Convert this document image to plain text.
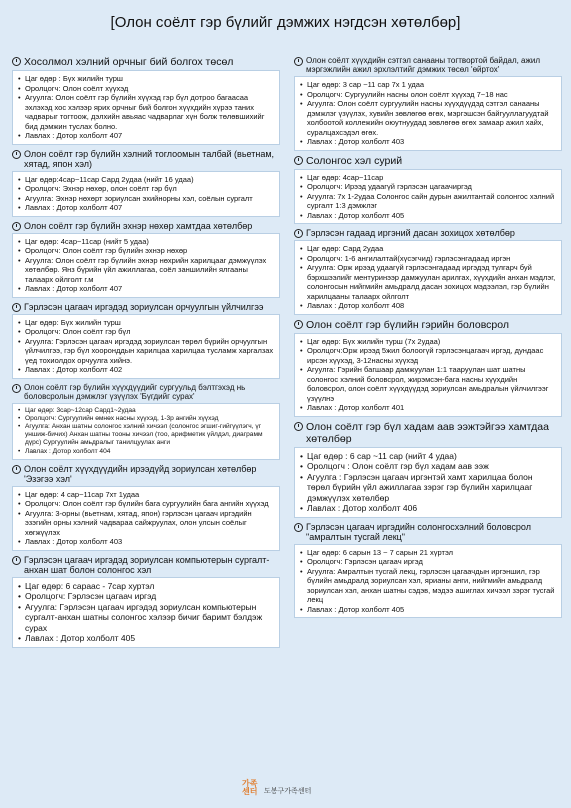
[Олон соёлт гэр бүлийг дэмжих нэгдсэн хөтөлбөр]
Хосолмол хэлний орчныг бий болгох төсөл
• Цаг өдөр : Бүх жилийн турш
• Оролцогч: Олон соёлт хүүхэд
• Агуулга: Олон соёлт гэр бүлийн хүүхэд гэр бүл дотроо багаасаа эхлэхэд хос хэлээр ярих орчныг бий болгон хүүхдийн хүрээ таних чадварыг тогтоож, дэлхийн авьяас чадварлаг хүн болж төлөвшихийг бид дэмжин туслах болно.
• Лавлах : Дотор холболт 407
Олон соёлт гэр бүлийн хэлний тоглоомын талбай (вьетнам, хятад, япон хэл)
• Цаг өдөр:4сар~11сар Сард 2удаа (нийт 16 удаа)
• Оролцогч: Эхнэр нөхөр, олон соёлт гэр бүл
• Агуулга: Эхнэр нөхөрт зориулсан эхийнорны хэл, соёлын сургалт
• Лавлах : Дотор холболт 407
Олон соёлт гэр бүлийн эхнэр нөхөр хамтдаа хөтөлбөр
• Цаг өдөр: 4сар~11сар (нийт 5 удаа)
• Оролцогч: Олон соёлт гэр бүлийн эхнэр нөхөр
• Агуулга: Олон соёлт гэр бүлийн эхнэр нөхрийн харилцааг дэмжүүлэх хөтөлбөр. Янз бүрийн үйл ажиллагаа, соёл заншилийн ялгааны талаарх ойлголт г.м
• Лавлах : Дотор холболт 407
Гэрлэсэн цагаач иргэдэд зориулсан орчуулгын үйлчилгээ
• Цаг өдөр: Бүх жилийн турш
• Оролцогч: Олон соёлт гэр бүл
• Агуулга: Гэрлэсэн цагаач иргэдэд зориулсан төрөл бүрийн орчуулгын үйлчилгээ, гэр бүл хооронддын харилцаа харилцаа тусламж харгалзах үед тохиолдох орчуулга хийнэ.
• Лавлах : Дотор холболт 402
Олон соёлт гэр бүлийн хүүхдүүдийг сургуульд бэлтгэхэд нь боловсролын дэмжлэг үзүүлэх 'Бүгдийг сурах'
• Цаг өдөр: 3сар~12сар Сард1~2удаа
• Оролцогч: Сургуулийн өмнөх насны хүүхэд, 1-3р ангийн хүүхэд
• Агуулга: Анхан шатны солонгос хэлний хичээл (солонгос эгшиг-гийгүүлэгч, үг уншиж-бичих) Анхан шатны тооны хичээл (тоо, арифметик үйлдэл, диаграмм дүрс) Сургуулийн амьдралыг танилцуулах анги
• Лавлах : Дотор холболт 404
Олон соёлт хүүхдүүдийн ирээдүйд зориулсан хөтөлбөр 'Эзэгээ хэл'
• Цаг өдөр: 4 сар~11сар 7хт 1удаа
• Оролцогч: Олон соёлт гэр бүлийн бага сургуулийн бага ангийн хүүхэд
• Агуулга: 3-орны (вьетнам, хятад, япон) гэрлэсэн цагаач иргэдийн эзэгийн орны хэлний чадвараа сайжруулах, олон улсын соёлыг хөгжүүлэх
• Лавлах : Дотор холболт 403
Гэрлэсэн цагаач иргэдэд зориулсан компьютерын сургалт-анхан шат болон солонгос хэл
• Цаг өдөр: 6 сараас - 7сар хуртэл
• Оролцогч: Гэрлэсэн цагаач иргэд
• Агуулга: Гэрлэсэн цагаач иргэдэд зориулсан компьютерын сургалт-анхан шатны солонгос хэлээр бичиг баримт бэлдэж сурах
• Лавлах : Дотор холболт 405
Олон соёлт хүүхдийн сэтгэл санааны тогтвортой байдал, ажил мэргэжлийн ажил эрхлэлтийг дэмжих төсөл 'өйртох'
• Цаг өдөр: 3 сар ~11 сар 7х 1 удаа
• Оролцогч: Сургуулийн насны олон соёлт хүүхэд 7~18 нас
• Агуулга: Олон соёлт сургуулийн насны хүүхдүүдэд сэтгэл санааны дэмжлэг үзүүлэх, хувийн зөвлөгөө өгөх, мэргэшсэн байгууллагуудтай холбоотой коллежийн оюутнуудад зөвлөгөө өгөх замаар ажил хайх, суралцахсэдэл өгөх.
• Лавлах : Дотор холболт 403
Солонгос хэл сурий
• Цаг өдөр: 4сар~11сар
• Оролцогч: Ирээд удаагүй гэрлэсэн цагаачиргэд
• Агуулга: 7х 1-2удаа Солонгос сайн дурын ажилтантай солонгос хэлний сургалт 1:3 дэмжлэг
• Лавлах : Дотор холболт 405
Гэрлэсэн гадаад иргэний дасан зохицох хөтөлбөр
• Цаг өдөр: Сард 2удаа
• Оролцогч: 1-6 ангилалтай(хүсэгчид) гэрлэсэнгадаад иргэн
• Агуулга: Орж ирээд удаагүй гэрлэсэнгадаад иргэдэд тулгарч буй бэрхшээлийг ментуринээр дамжуулан арилгах, хүүхдийн анхан мэдлэг, солонгосын нийгмийн амьдралд дасан зохицох мэдээлэл, гэр бүлийн харилцааны талаарх ойлголт
• Лавлах : Дотор холболт 408
Олон соёлт гэр бүлийн гэрийн боловсрол
• Цаг өдөр: Бүх жилийн турш (7х 2удаа)
• Оролцогч:Орж ирээд 5жил болоогүй гэрлэсэнцагаач иргэд, дундаас ирсэн хүүхэд, 3-12насны хүүхэд
• Агуулга: Гэрийн багшаар дамжуулан 1:1 тааруулан шат шатны солонгос хэлний боловсрол, жирэмсэн-бага насны хүүхдийн боловсрол, олон соёлт хүүхдүүдэд зориулсан амьдралын үйлчилгээг үзүүлнэ
• Лавлах : Дотор холболт 401
Олон соёлт гэр бүл хадам аав ээжтэйгээ хамтдаа хөтөлбөр
• Цаг өдөр : 6 сар ~11 сар (нийт 4 удаа)
• Оролцогч : Олон соёлт гэр бүл хадам аав ээж
• Агуулга : Гэрлэсэн цагаач иргэнтэй хамт харилцаа болон төрөл бүрийн үйл ажиллагаа зэрэг гэр бүлийн харилцааг дэмжүүлэх хөтөлбөр
• Лавлах : Дотор холболт 406
Гэрлэсэн цагаач иргэдийн солонгосхэлний боловсрол "амралтын тусгай лекц"
• Цаг өдөр: 6 сарын 13 ~ 7 сарын 21 хүртэл
• Оролцогч: Гэрлэсэн цагаач иргэд
• Агуулга: Амралтын тусгай лекц, гэрлэсэн цагаачдын иргэншил, гэр бүлийн амьдралд зориулсан хэл, ярианы анги, нийгмийн амьдралд зориулсан хэл, анхан шатны сэдэв, мэдээ ашиглах хичээл зэрэг тусгай лекц
• Лавлах : Дотор холболт 405
가족센터 도봉구가족센터
